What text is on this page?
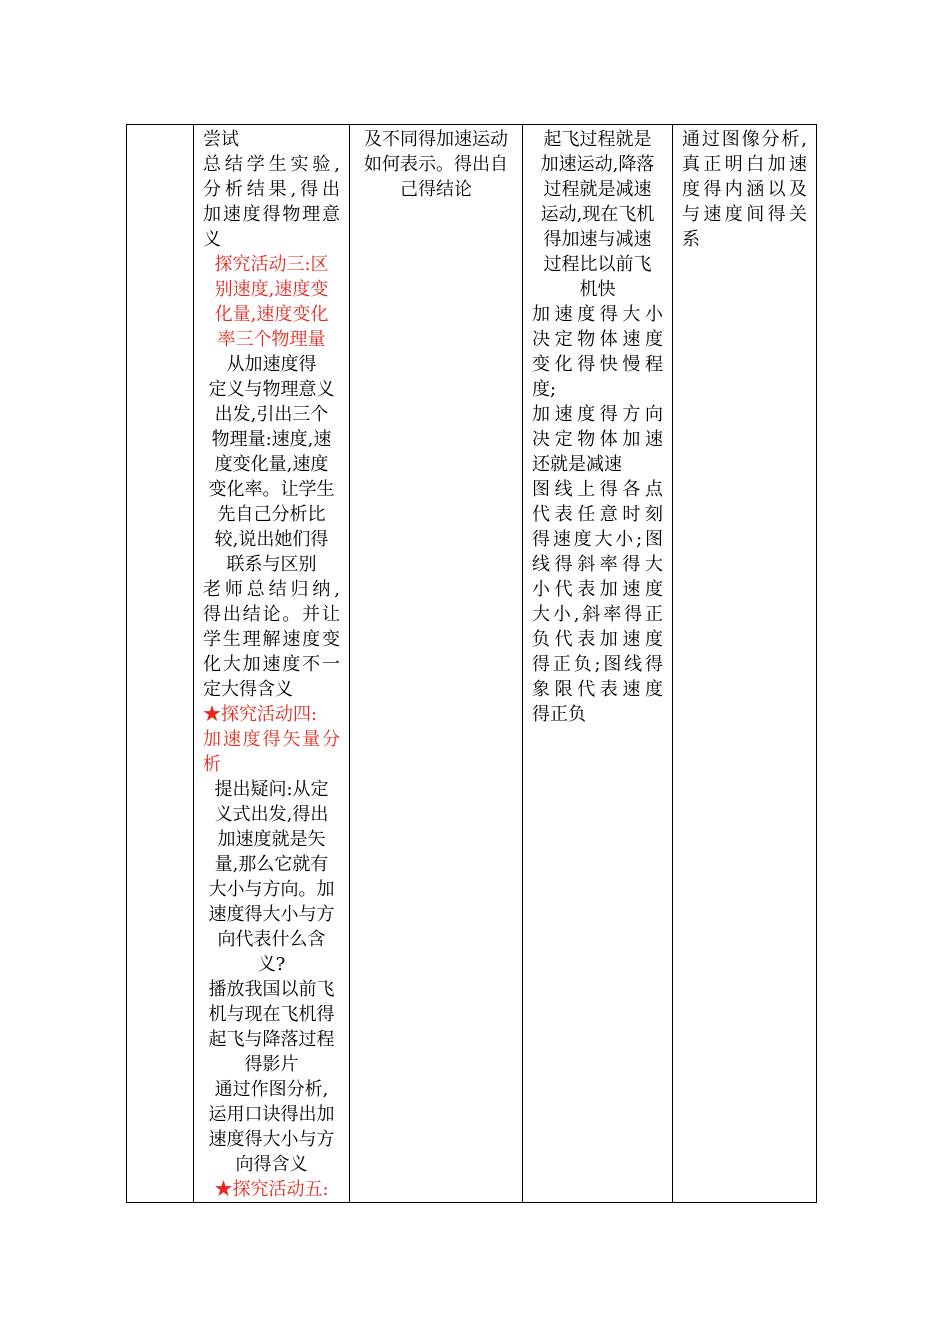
尝试
总结学生实验,
分析结果,得出
加速度得物理意
义
探究活动三:区
别速度,速度变
化量,速度变化
率三个物理量
从加速度得
定义与物理意义
出发,引出三个
物理量:速度,速
度变化量,速度
变化率。让学生
先自己分析比
较,说出她们得
联系与区别
老师总结归纳,
得出结论。并让
学生理解速度变
化大加速度不一
定大得含义
★探究活动四:
加速度得矢量分
析
提出疑问:从定
义式出发,得出
加速度就是矢
量,那么它就有
大小与方向。加
速度得大小与方
向代表什么含
义?
播放我国以前飞
机与现在飞机得
起飞与降落过程
得影片
通过作图分析,
运用口诀得出加
速度得大小与方
向得含义
★探究活动五:

及不同得加速运动
如何表示。得出自
己得结论

起飞过程就是
加速运动,降落
过程就是减速
运动,现在飞机
得加速与减速
过程比以前飞
机快
加速度得大小
决定物体速度
变化得快慢程
度;
加速度得方向
决定物体加速
还就是减速
图线上得各点
代表任意时刻
得速度大小;图
线得斜率得大
小代表加速度
大小,斜率得正
负代表加速度
得正负;图线得
象限代表速度
得正负

通过图像分析,
真正明白加速
度得内涵以及
与速度间得关
系
